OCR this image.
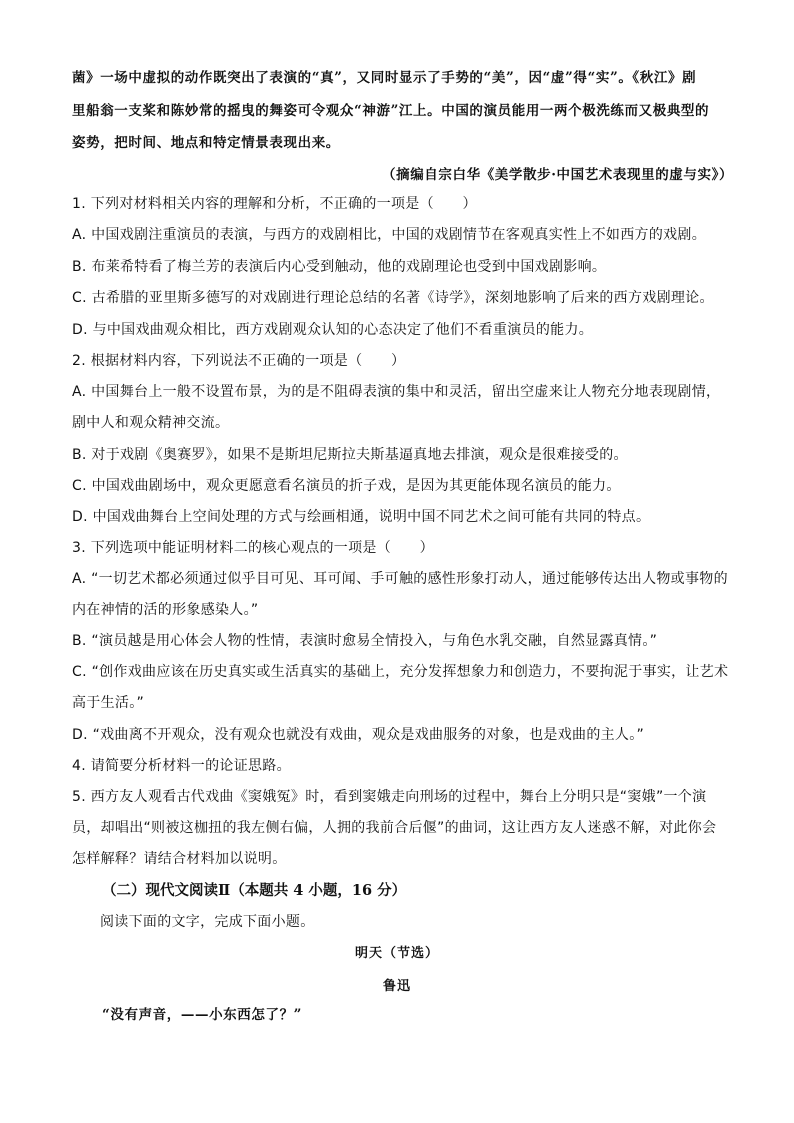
菌》一场中虚拟的动作既突出了表演的“真”，又同时显示了手势的“美”，因“虚”得“实”。《秋江》剧
里船翁一支桨和陈妙常的摇曳的舞姿可令观众“神游”江上。中国的演员能用一两个极洗练而又极典型的
姿势，把时间、地点和特定情景表现出来。
（摘编自宗白华《美学散步·中国艺术表现里的虚与实》）
1. 下列对材料相关内容的理解和分析，不正确的一项是（　　）
A. 中国戏剧注重演员的表演，与西方的戏剧相比，中国的戏剧情节在客观真实性上不如西方的戏剧。
B. 布莱希特看了梅兰芳的表演后内心受到触动，他的戏剧理论也受到中国戏剧影响。
C. 古希腊的亚里斯多德写的对戏剧进行理论总结的名著《诗学》，深刻地影响了后来的西方戏剧理论。
D. 与中国戏曲观众相比，西方戏剧观众认知的心态决定了他们不看重演员的能力。
2. 根据材料内容，下列说法不正确的一项是（　　）
A. 中国舞台上一般不设置布景，为的是不阻碍表演的集中和灵活，留出空虚来让人物充分地表现剧情，
剧中人和观众精神交流。
B. 对于戏剧《奥赛罗》，如果不是斯坦尼斯拉夫斯基逼真地去排演，观众是很难接受的。
C. 中国戏曲剧场中，观众更愿意看名演员的折子戏，是因为其更能体现名演员的能力。
D. 中国戏曲舞台上空间处理的方式与绘画相通，说明中国不同艺术之间可能有共同的特点。
3. 下列选项中能证明材料二的核心观点的一项是（　　）
A. “一切艺术都必须通过似乎目可见、耳可闻、手可触的感性形象打动人，通过能够传达出人物或事物的
内在神情的活的形象感染人。”
B. “演员越是用心体会人物的性情，表演时愈易全情投入，与角色水乳交融，自然显露真情。”
C. “创作戏曲应该在历史真实或生活真实的基础上，充分发挥想象力和创造力，不要拘泥于事实，让艺术
高于生活。”
D. “戏曲离不开观众，没有观众也就没有戏曲，观众是戏曲服务的对象，也是戏曲的主人。”
4. 请简要分析材料一的论证思路。
5. 西方友人观看古代戏曲《窦娥冤》时，看到窦娥走向刑场的过程中，舞台上分明只是“窦娥”一个演
员，却唱出“则被这枷扭的我左侧右偏，人拥的我前合后偃”的曲词，这让西方友人迷惑不解，对此你会
怎样解释？请结合材料加以说明。
（二）现代文阅读Ⅱ（本题共 4 小题，16 分）
阅读下面的文字，完成下面小题。
明天（节选）
鲁迅
“没有声音，——小东西怎了？”
